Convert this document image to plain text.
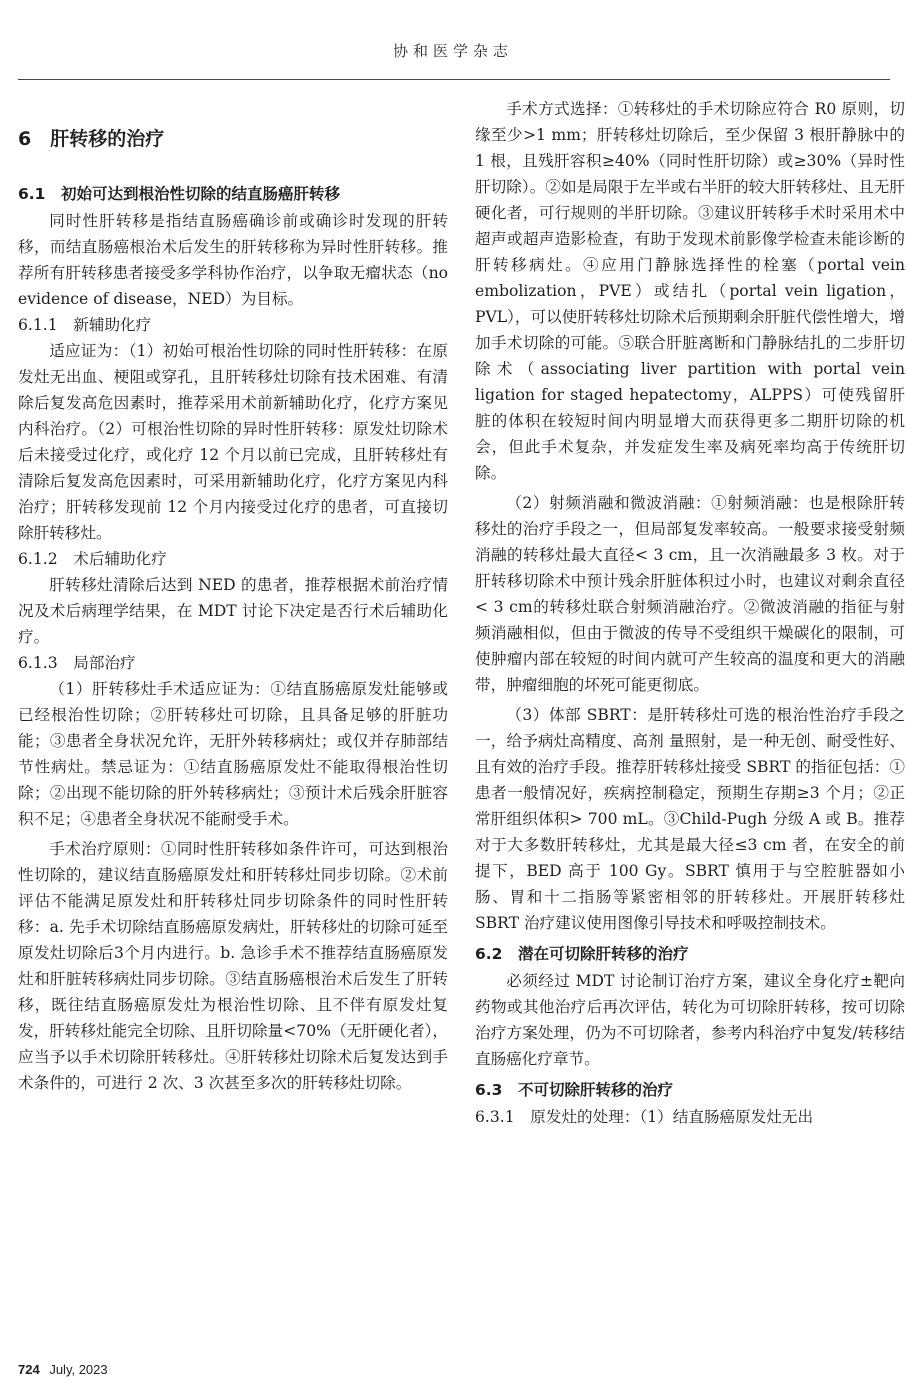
协和医学杂志
6　肝转移的治疗
6.1　初始可达到根治性切除的结直肠癌肝转移

同时性肝转移是指结直肠癌确诊前或确诊时发现的肝转移，而结直肠癌根治术后发生的肝转移称为异时性肝转移。推荐所有肝转移患者接受多学科协作治疗，以争取无瘤状态（no evidence of disease，NED）为目标。

6.1.1　新辅助化疗

适应证为：（1）初始可根治性切除的同时性肝转移：在原发灶无出血、梗阻或穿孔，且肝转移灶切除有技术困难、有清除后复发高危因素时，推荐采用术前新辅助化疗，化疗方案见内科治疗。（2）可根治性切除的异时性肝转移：原发灶切除术后未接受过化疗，或化疗 12 个月以前已完成，且肝转移灶有清除后复发高危因素时，可采用新辅助化疗，化疗方案见内科治疗；肝转移发现前 12 个月内接受过化疗的患者，可直接切除肝转移灶。

6.1.2　术后辅助化疗

肝转移灶清除后达到 NED 的患者，推荐根据术前治疗情况及术后病理学结果，在 MDT 讨论下决定是否行术后辅助化疗。

6.1.3　局部治疗

（1）肝转移灶手术适应证为：①结直肠癌原发灶能够或已经根治性切除；②肝转移灶可切除，且具备足够的肝脏功能；③患者全身状况允许，无肝外转移病灶；或仅并存肺部结节性病灶。禁忌证为：①结直肠癌原发灶不能取得根治性切除；②出现不能切除的肝外转移病灶；③预计术后残余肝脏容积不足；④患者全身状况不能耐受手术。

手术治疗原则：①同时性肝转移如条件许可，可达到根治性切除的，建议结直肠癌原发灶和肝转移灶同步切除。②术前评估不能满足原发灶和肝转移灶同步切除条件的同时性肝转移：a. 先手术切除结直肠癌原发病灶，肝转移灶的切除可延至原发灶切除后3个月内进行。b. 急诊手术不推荐结直肠癌原发灶和肝脏转移病灶同步切除。③结直肠癌根治术后发生了肝转移，既往结直肠癌原发灶为根治性切除、且不伴有原发灶复发，肝转移灶能完全切除、且肝切除量<70%（无肝硬化者），应当予以手术切除肝转移灶。④肝转移灶切除术后复发达到手术条件的，可进行 2 次、3 次甚至多次的肝转移灶切除。

手术方式选择：①转移灶的手术切除应符合 R0 原则，切缘至少>1 mm；肝转移灶切除后，至少保留 3 根肝静脉中的 1 根，且残肝容积≥40%（同时性肝切除）或≥30%（异时性肝切除）。②如是局限于左半或右半肝的较大肝转移灶、且无肝硬化者，可行规则的半肝切除。③建议肝转移手术时采用术中超声或超声造影检查，有助于发现术前影像学检查未能诊断的肝转移病灶。④应用门静脉选择性的栓塞（portal vein embolization，PVE）或结扎（portal vein ligation，PVL），可以使肝转移灶切除术后预期剩余肝脏代偿性增大，增加手术切除的可能。⑤联合肝脏离断和门静脉结扎的二步肝切除术（associating liver partition with portal vein ligation for staged hepatectomy，ALPPS）可使残留肝脏的体积在较短时间内明显增大而获得更多二期肝切除的机会，但此手术复杂，并发症发生率及病死率均高于传统肝切除。

（2）射频消融和微波消融：①射频消融：也是根除肝转移灶的治疗手段之一，但局部复发率较高。一般要求接受射频消融的转移灶最大直径< 3 cm，且一次消融最多 3 枚。对于肝转移切除术中预计残余肝脏体积过小时，也建议对剩余直径< 3 cm的转移灶联合射频消融治疗。②微波消融的指征与射频消融相似，但由于微波的传导不受组织干燥碳化的限制，可使肿瘤内部在较短的时间内就可产生较高的温度和更大的消融带，肿瘤细胞的坏死可能更彻底。

（3）体部 SBRT：是肝转移灶可选的根治性治疗手段之一，给予病灶高精度、高剂 量照射，是一种无创、耐受性好、且有效的治疗手段。推荐肝转移灶接受 SBRT 的指征包括：①患者一般情况好，疾病控制稳定，预期生存期≥3 个月；②正常肝组织体积> 700 mL。③Child-Pugh 分级 A 或 B。推荐对于大多数肝转移灶，尤其是最大径≤3 cm 者，在安全的前提下，BED 高于 100 Gy。SBRT 慎用于与空腔脏器如小肠、胃和十二指肠等紧密相邻的肝转移灶。开展肝转移灶 SBRT 治疗建议使用图像引导技术和呼吸控制技术。

6.2　潜在可切除肝转移的治疗

必须经过 MDT 讨论制订治疗方案，建议全身化疗±靶向药物或其他治疗后再次评估，转化为可切除肝转移，按可切除治疗方案处理，仍为不可切除者，参考内科治疗中复发/转移结直肠癌化疗章节。

6.3　不可切除肝转移的治疗

6.3.1　原发灶的处理：（1）结直肠癌原发灶无出

724 July, 2023
